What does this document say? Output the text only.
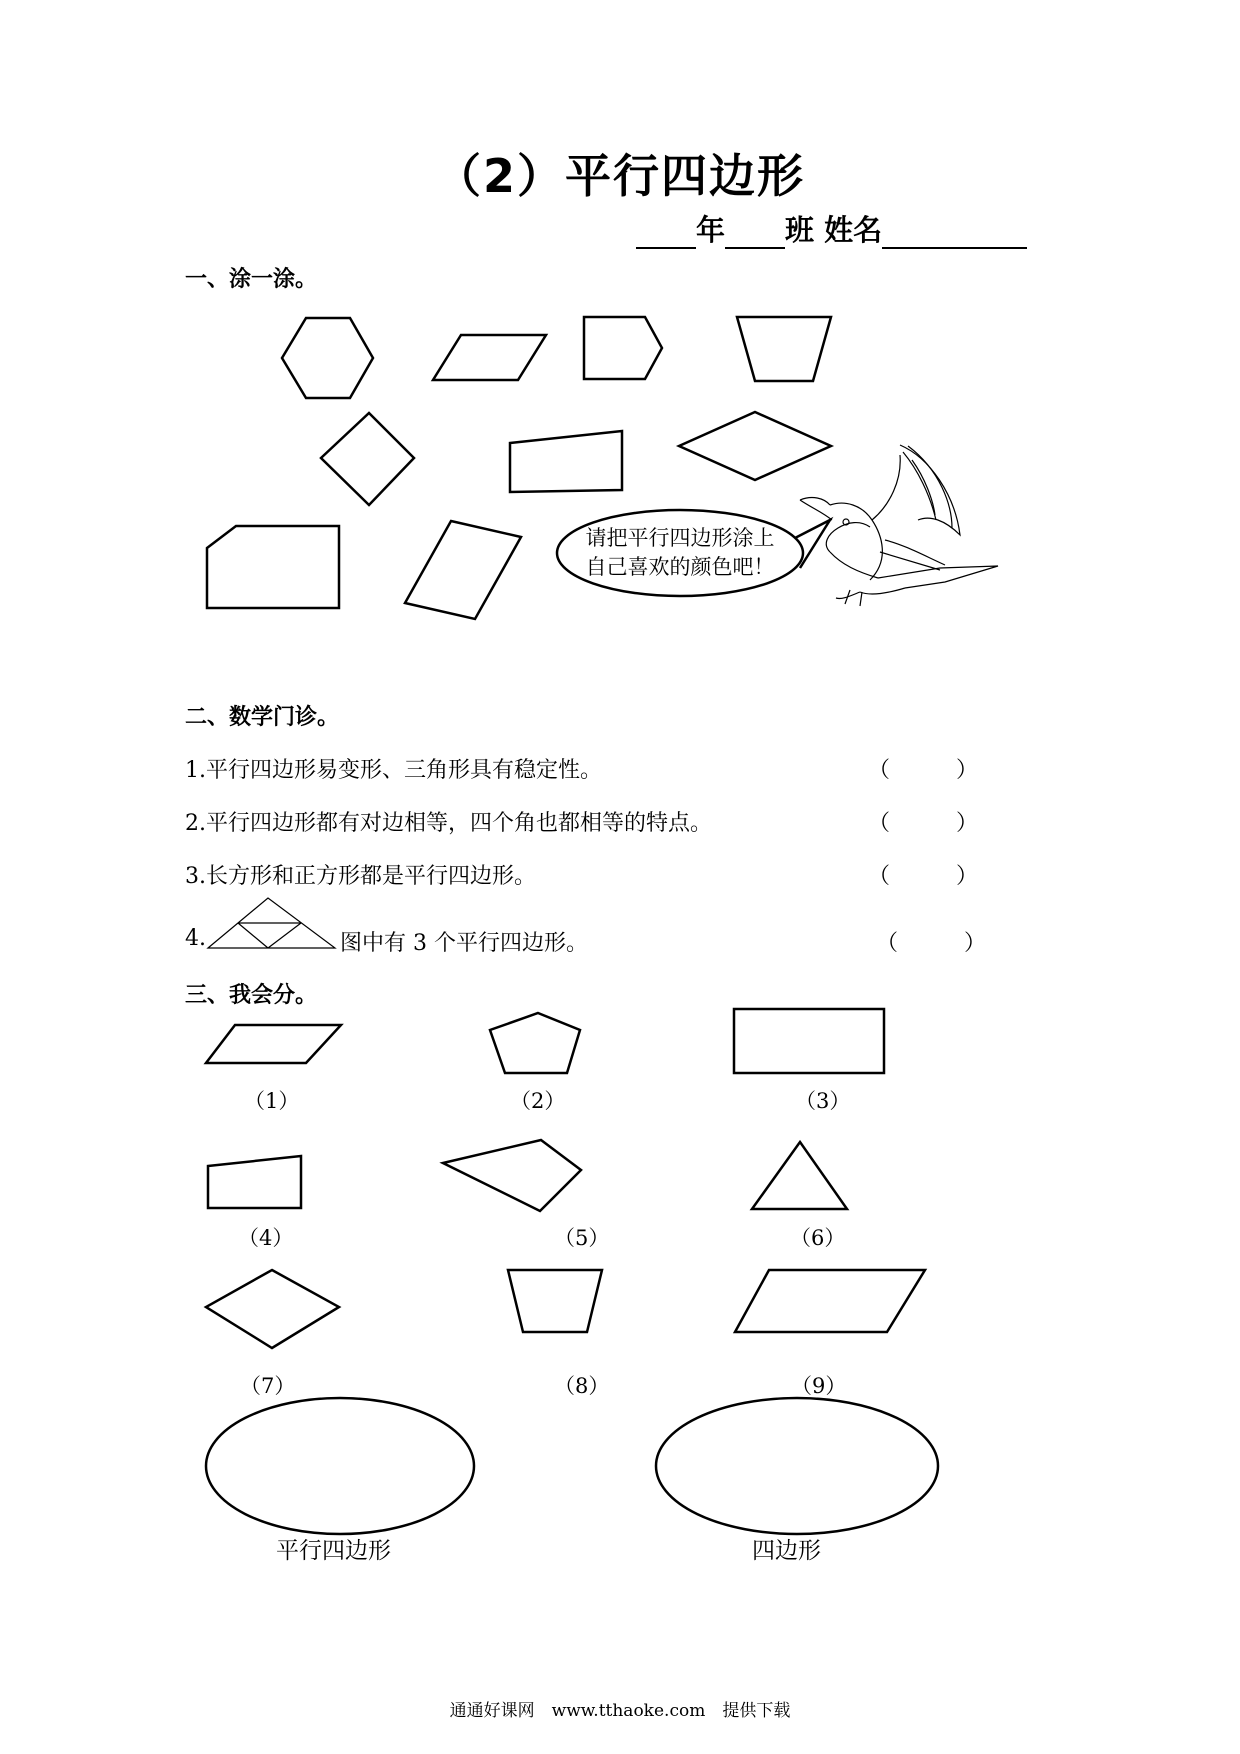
（2）平行四边形
年 班 姓名
一、涂一涂。
二、数学门诊。
1.平行四边形易变形、三角形具有稳定性。	（　　　）
2.平行四边形都有对边相等，四个角也都相等的特点。	（　　　）
3.长方形和正方形都是平行四边形。	（　　　）
4.	图中有 3 个平行四边形。	（　　　）
三、我会分。
（1）	（2）	（3）
（4）	（5）	（6）
（7）	（8）	（9）
平行四边形	四边形
通通好课网　www.tthaoke.com　提供下载
请把平行四边形涂上
自己喜欢的颜色吧！
